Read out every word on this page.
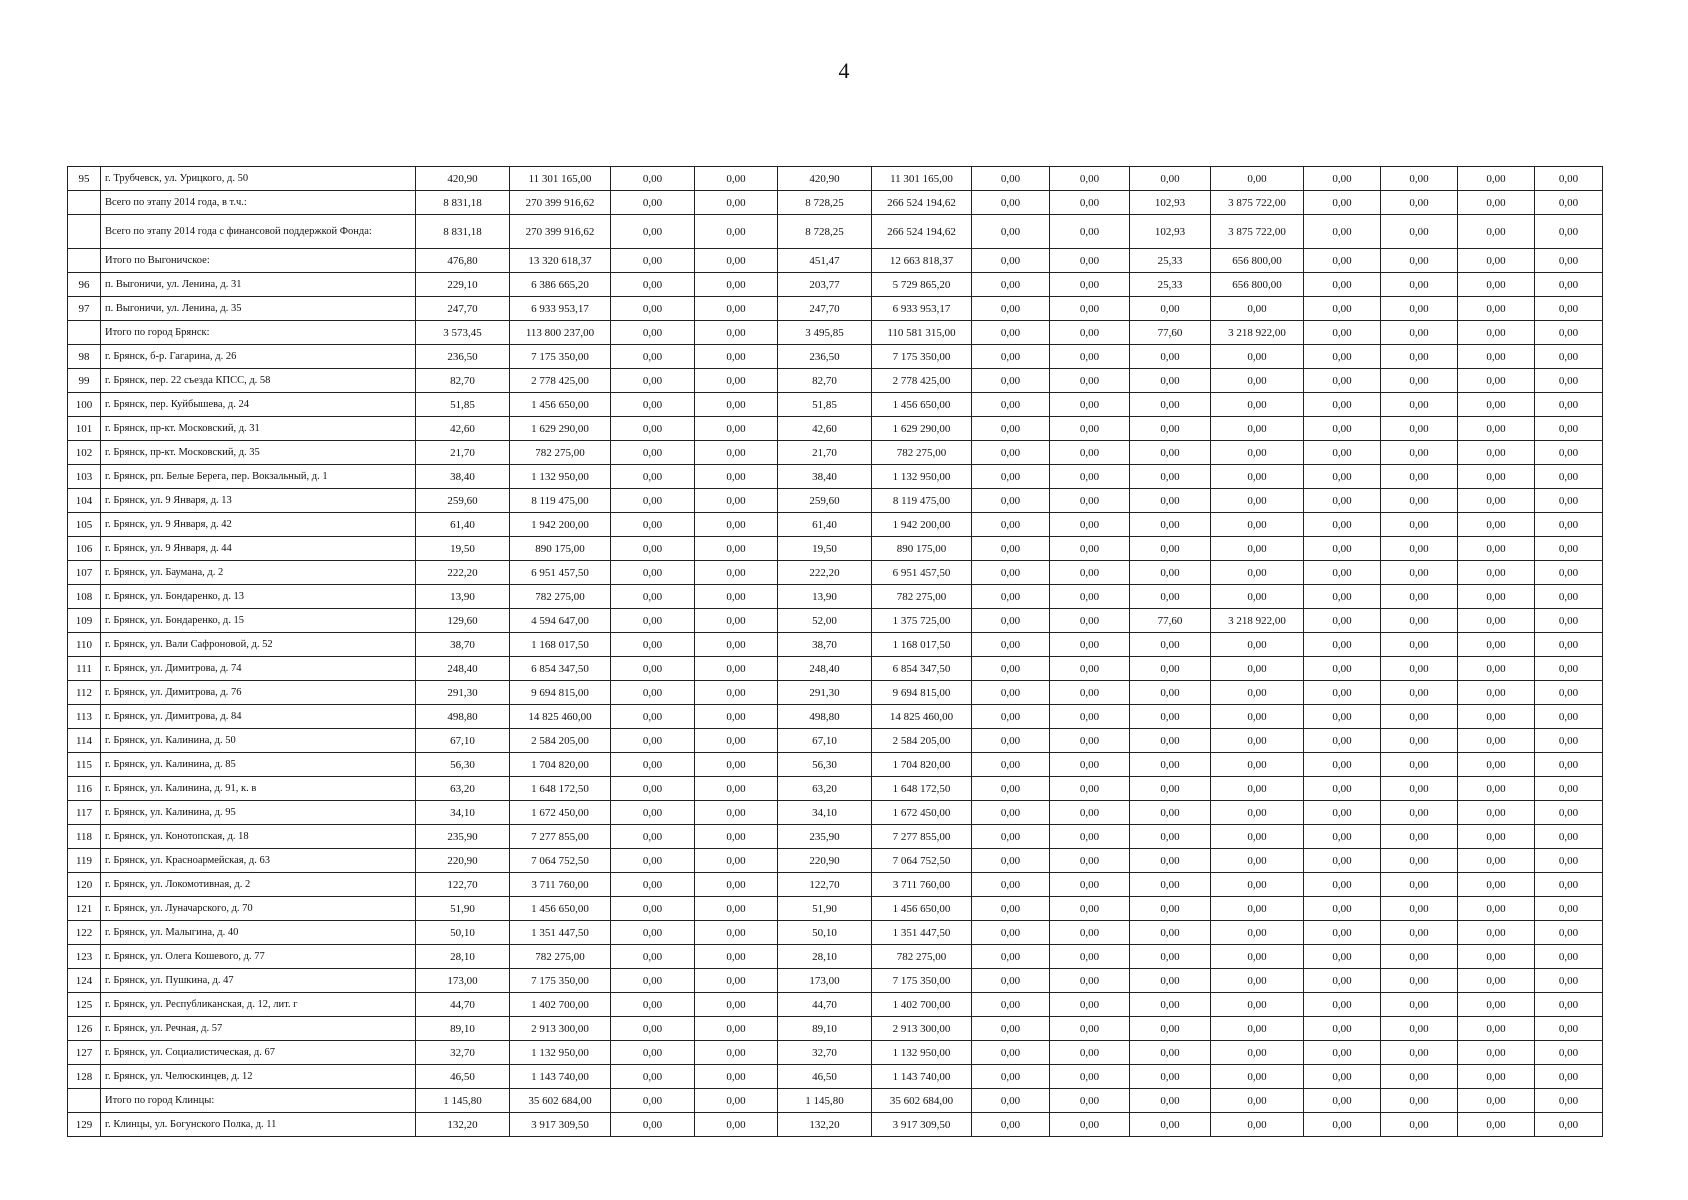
4
95	г. Трубчевск, ул. Урицкого, д. 50	420,90	11 301 165,00	0,00	0,00	420,90	11 301 165,00	0,00	0,00	0,00	0,00	0,00	0,00	0,00	0,00
	Всего по этапу 2014 года, в т.ч.:	8 831,18	270 399 916,62	0,00	0,00	8 728,25	266 524 194,62	0,00	0,00	102,93	3 875 722,00	0,00	0,00	0,00	0,00
	Всего по этапу 2014 года с финансовой поддержкой Фонда:	8 831,18	270 399 916,62	0,00	0,00	8 728,25	266 524 194,62	0,00	0,00	102,93	3 875 722,00	0,00	0,00	0,00	0,00
	Итого по Выгоничское:	476,80	13 320 618,37	0,00	0,00	451,47	12 663 818,37	0,00	0,00	25,33	656 800,00	0,00	0,00	0,00	0,00
96	п. Выгоничи, ул. Ленина, д. 31	229,10	6 386 665,20	0,00	0,00	203,77	5 729 865,20	0,00	0,00	25,33	656 800,00	0,00	0,00	0,00	0,00
97	п. Выгоничи, ул. Ленина, д. 35	247,70	6 933 953,17	0,00	0,00	247,70	6 933 953,17	0,00	0,00	0,00	0,00	0,00	0,00	0,00	0,00
	Итого по город Брянск:	3 573,45	113 800 237,00	0,00	0,00	3 495,85	110 581 315,00	0,00	0,00	77,60	3 218 922,00	0,00	0,00	0,00	0,00
98	г. Брянск, б-р. Гагарина, д. 26	236,50	7 175 350,00	0,00	0,00	236,50	7 175 350,00	0,00	0,00	0,00	0,00	0,00	0,00	0,00	0,00
99	г. Брянск, пер. 22 съезда КПСС, д. 58	82,70	2 778 425,00	0,00	0,00	82,70	2 778 425,00	0,00	0,00	0,00	0,00	0,00	0,00	0,00	0,00
100	г. Брянск, пер. Куйбышева, д. 24	51,85	1 456 650,00	0,00	0,00	51,85	1 456 650,00	0,00	0,00	0,00	0,00	0,00	0,00	0,00	0,00
101	г. Брянск, пр-кт. Московский, д. 31	42,60	1 629 290,00	0,00	0,00	42,60	1 629 290,00	0,00	0,00	0,00	0,00	0,00	0,00	0,00	0,00
102	г. Брянск, пр-кт. Московский, д. 35	21,70	782 275,00	0,00	0,00	21,70	782 275,00	0,00	0,00	0,00	0,00	0,00	0,00	0,00	0,00
103	г. Брянск, рп. Белые Берега, пер. Вокзальный, д. 1	38,40	1 132 950,00	0,00	0,00	38,40	1 132 950,00	0,00	0,00	0,00	0,00	0,00	0,00	0,00	0,00
104	г. Брянск, ул. 9 Января, д. 13	259,60	8 119 475,00	0,00	0,00	259,60	8 119 475,00	0,00	0,00	0,00	0,00	0,00	0,00	0,00	0,00
105	г. Брянск, ул. 9 Января, д. 42	61,40	1 942 200,00	0,00	0,00	61,40	1 942 200,00	0,00	0,00	0,00	0,00	0,00	0,00	0,00	0,00
106	г. Брянск, ул. 9 Января, д. 44	19,50	890 175,00	0,00	0,00	19,50	890 175,00	0,00	0,00	0,00	0,00	0,00	0,00	0,00	0,00
107	г. Брянск, ул. Баумана, д. 2	222,20	6 951 457,50	0,00	0,00	222,20	6 951 457,50	0,00	0,00	0,00	0,00	0,00	0,00	0,00	0,00
108	г. Брянск, ул. Бондаренко, д. 13	13,90	782 275,00	0,00	0,00	13,90	782 275,00	0,00	0,00	0,00	0,00	0,00	0,00	0,00	0,00
109	г. Брянск, ул. Бондаренко, д. 15	129,60	4 594 647,00	0,00	0,00	52,00	1 375 725,00	0,00	0,00	77,60	3 218 922,00	0,00	0,00	0,00	0,00
110	г. Брянск, ул. Вали Сафроновой, д. 52	38,70	1 168 017,50	0,00	0,00	38,70	1 168 017,50	0,00	0,00	0,00	0,00	0,00	0,00	0,00	0,00
111	г. Брянск, ул. Димитрова, д. 74	248,40	6 854 347,50	0,00	0,00	248,40	6 854 347,50	0,00	0,00	0,00	0,00	0,00	0,00	0,00	0,00
112	г. Брянск, ул. Димитрова, д. 76	291,30	9 694 815,00	0,00	0,00	291,30	9 694 815,00	0,00	0,00	0,00	0,00	0,00	0,00	0,00	0,00
113	г. Брянск, ул. Димитрова, д. 84	498,80	14 825 460,00	0,00	0,00	498,80	14 825 460,00	0,00	0,00	0,00	0,00	0,00	0,00	0,00	0,00
114	г. Брянск, ул. Калинина, д. 50	67,10	2 584 205,00	0,00	0,00	67,10	2 584 205,00	0,00	0,00	0,00	0,00	0,00	0,00	0,00	0,00
115	г. Брянск, ул. Калинина, д. 85	56,30	1 704 820,00	0,00	0,00	56,30	1 704 820,00	0,00	0,00	0,00	0,00	0,00	0,00	0,00	0,00
116	г. Брянск, ул. Калинина, д. 91, к. в	63,20	1 648 172,50	0,00	0,00	63,20	1 648 172,50	0,00	0,00	0,00	0,00	0,00	0,00	0,00	0,00
117	г. Брянск, ул. Калинина, д. 95	34,10	1 672 450,00	0,00	0,00	34,10	1 672 450,00	0,00	0,00	0,00	0,00	0,00	0,00	0,00	0,00
118	г. Брянск, ул. Конотопская, д. 18	235,90	7 277 855,00	0,00	0,00	235,90	7 277 855,00	0,00	0,00	0,00	0,00	0,00	0,00	0,00	0,00
119	г. Брянск, ул. Красноармейская, д. 63	220,90	7 064 752,50	0,00	0,00	220,90	7 064 752,50	0,00	0,00	0,00	0,00	0,00	0,00	0,00	0,00
120	г. Брянск, ул. Локомотивная, д. 2	122,70	3 711 760,00	0,00	0,00	122,70	3 711 760,00	0,00	0,00	0,00	0,00	0,00	0,00	0,00	0,00
121	г. Брянск, ул. Луначарского, д. 70	51,90	1 456 650,00	0,00	0,00	51,90	1 456 650,00	0,00	0,00	0,00	0,00	0,00	0,00	0,00	0,00
122	г. Брянск, ул. Малыгина, д. 40	50,10	1 351 447,50	0,00	0,00	50,10	1 351 447,50	0,00	0,00	0,00	0,00	0,00	0,00	0,00	0,00
123	г. Брянск, ул. Олега Кошевого, д. 77	28,10	782 275,00	0,00	0,00	28,10	782 275,00	0,00	0,00	0,00	0,00	0,00	0,00	0,00	0,00
124	г. Брянск, ул. Пушкина, д. 47	173,00	7 175 350,00	0,00	0,00	173,00	7 175 350,00	0,00	0,00	0,00	0,00	0,00	0,00	0,00	0,00
125	г. Брянск, ул. Республиканская, д. 12, лит. г	44,70	1 402 700,00	0,00	0,00	44,70	1 402 700,00	0,00	0,00	0,00	0,00	0,00	0,00	0,00	0,00
126	г. Брянск, ул. Речная, д. 57	89,10	2 913 300,00	0,00	0,00	89,10	2 913 300,00	0,00	0,00	0,00	0,00	0,00	0,00	0,00	0,00
127	г. Брянск, ул. Социалистическая, д. 67	32,70	1 132 950,00	0,00	0,00	32,70	1 132 950,00	0,00	0,00	0,00	0,00	0,00	0,00	0,00	0,00
128	г. Брянск, ул. Челюскинцев, д. 12	46,50	1 143 740,00	0,00	0,00	46,50	1 143 740,00	0,00	0,00	0,00	0,00	0,00	0,00	0,00	0,00
	Итого по город Клинцы:	1 145,80	35 602 684,00	0,00	0,00	1 145,80	35 602 684,00	0,00	0,00	0,00	0,00	0,00	0,00	0,00	0,00
129	г. Клинцы, ул. Богунского Полка, д. 11	132,20	3 917 309,50	0,00	0,00	132,20	3 917 309,50	0,00	0,00	0,00	0,00	0,00	0,00	0,00	0,00
